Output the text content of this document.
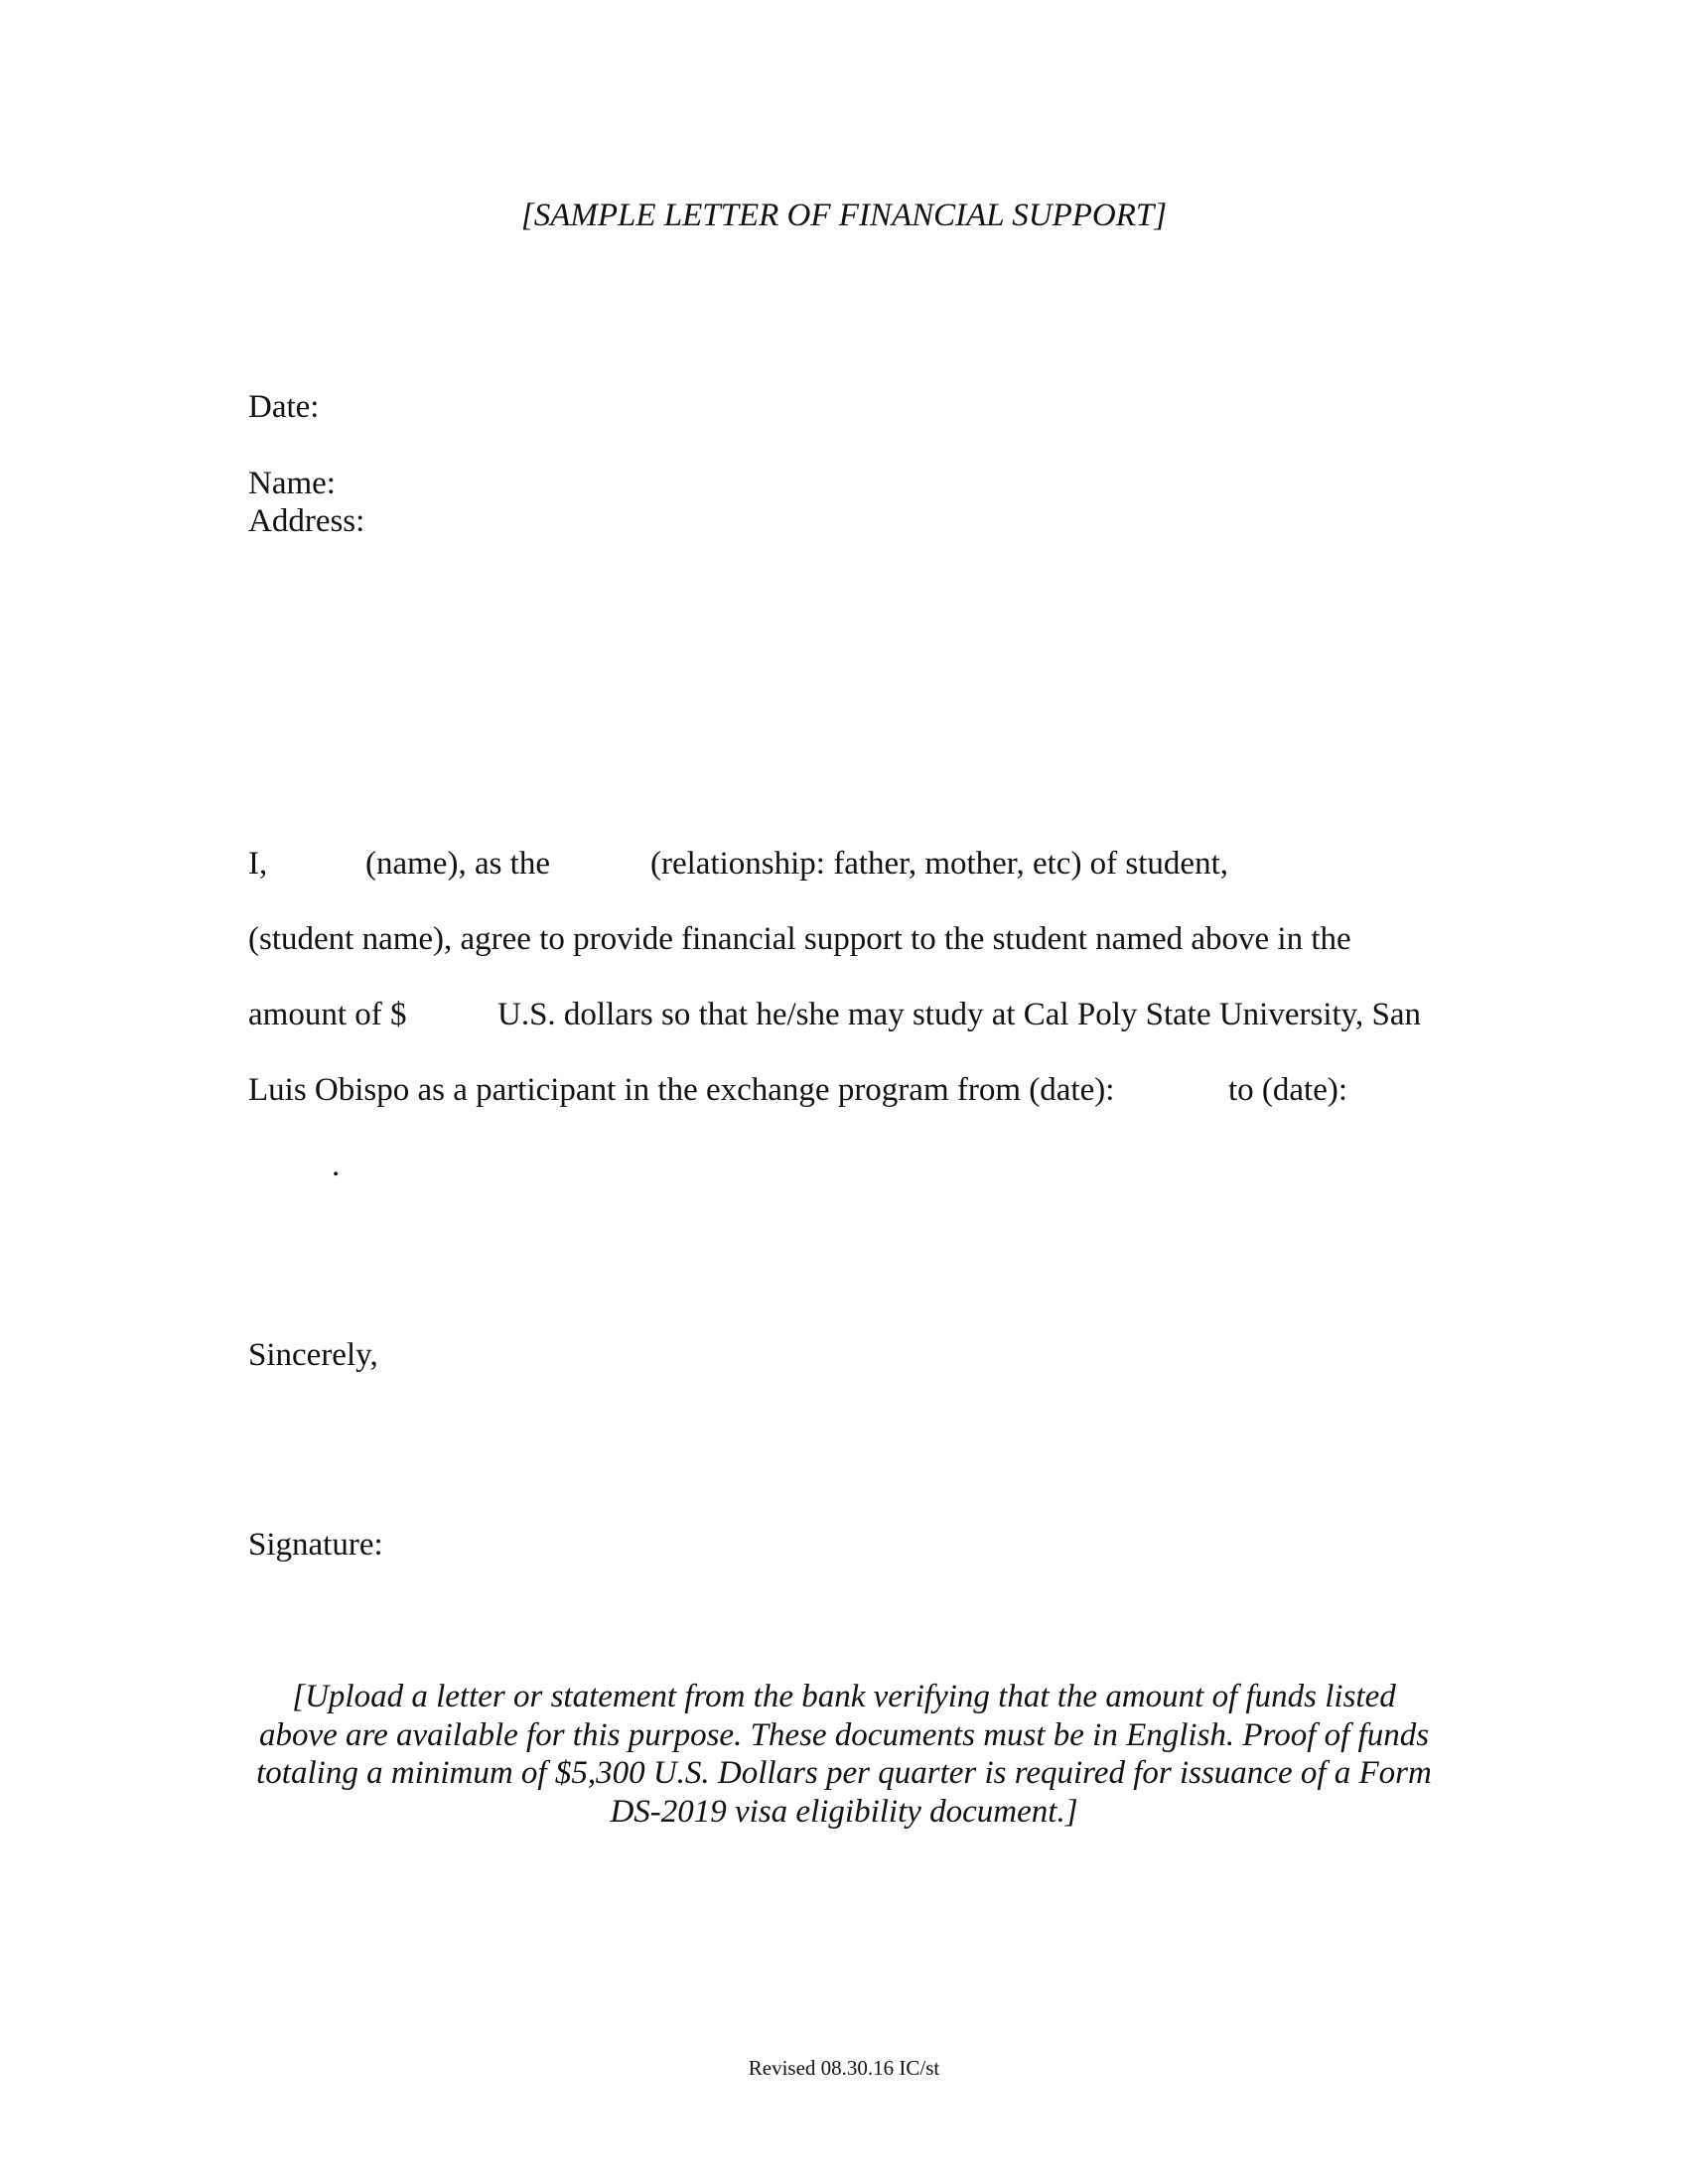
[SAMPLE LETTER OF FINANCIAL SUPPORT]
Date:
Name:
Address:
I,	(name), as the	(relationship: father, mother, etc) of student,
(student name), agree to provide financial support to the student named above in the
amount of $	U.S. dollars so that he/she may study at Cal Poly State University, San
Luis Obispo as a participant in the exchange program from (date):	to (date):
.
Sincerely,
Signature:
[Upload a letter or statement from the bank verifying that the amount of funds listed
above are available for this purpose. These documents must be in English. Proof of funds
totaling a minimum of $5,300 U.S. Dollars per quarter is required for issuance of a Form
DS-2019 visa eligibility document.]
Revised 08.30.16 IC/st
